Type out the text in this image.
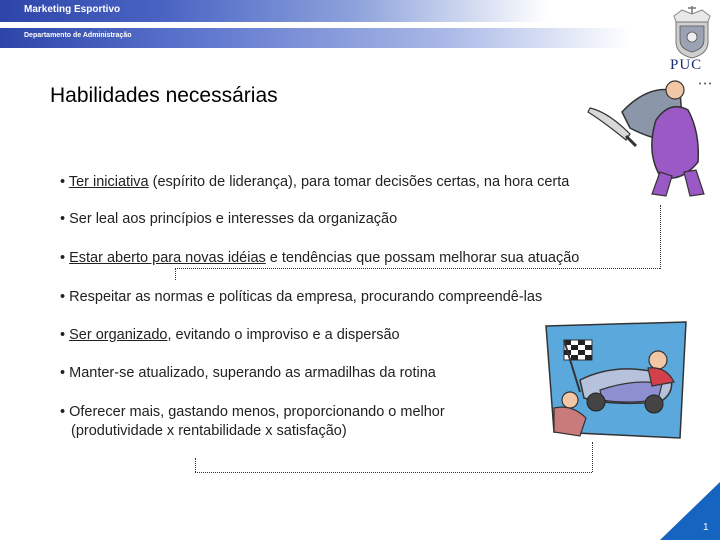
Marketing Esportivo
Departamento de Administração
PUC
Habilidades necessárias
• Ter iniciativa (espírito de liderança), para tomar decisões certas, na hora certa
• Ser leal aos princípios e interesses da organização
• Estar aberto para novas idéias e tendências que possam melhorar sua atuação
• Respeitar as normas e políticas da empresa, procurando compreendê-las
• Ser organizado, evitando o improviso e a dispersão
• Manter-se atualizado, superando as armadilhas da rotina
• Oferecer mais, gastando menos, proporcionando o melhor
(produtividade x rentabilidade x satisfação)
1
